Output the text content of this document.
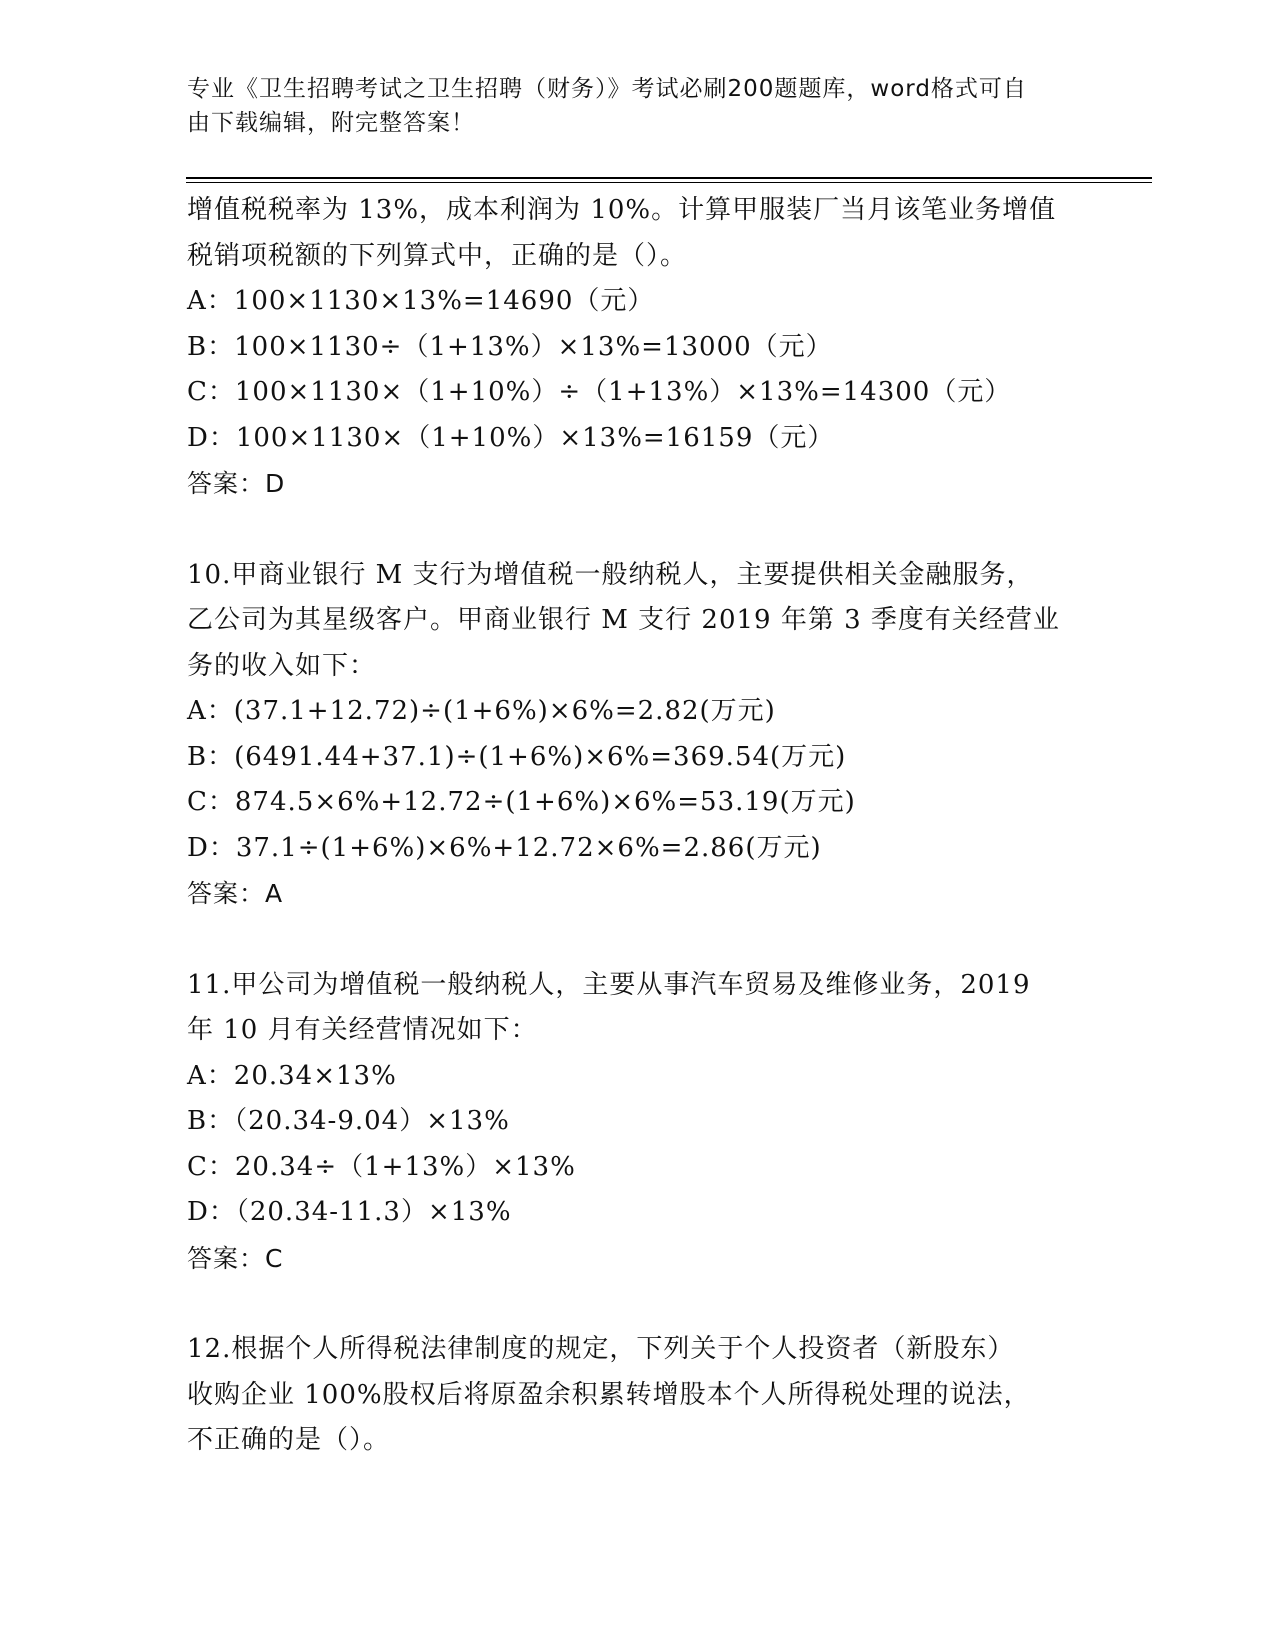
专业《卫生招聘考试之卫生招聘（财务）》考试必刷200题题库，word格式可自
由下载编辑，附完整答案！
增值税税率为 13%，成本利润为 10%。计算甲服装厂当月该笔业务增值
税销项税额的下列算式中，正确的是（）。
A：100×1130×13%=14690（元）
B：100×1130÷（1+13%）×13%=13000（元）
C：100×1130×（1+10%）÷（1+13%）×13%=14300（元）
D：100×1130×（1+10%）×13%=16159（元）
答案：D
10.甲商业银行 M 支行为增值税一般纳税人，主要提供相关金融服务，
乙公司为其星级客户。甲商业银行 M 支行 2019 年第 3 季度有关经营业
务的收入如下：
A：(37.1+12.72)÷(1+6%)×6%=2.82(万元)
B：(6491.44+37.1)÷(1+6%)×6%=369.54(万元)
C：874.5×6%+12.72÷(1+6%)×6%=53.19(万元)
D：37.1÷(1+6%)×6%+12.72×6%=2.86(万元)
答案：A
11.甲公司为增值税一般纳税人，主要从事汽车贸易及维修业务，2019
年 10 月有关经营情况如下：
A：20.34×13%
B：（20.34-9.04）×13%
C：20.34÷（1+13%）×13%
D：（20.34-11.3）×13%
答案：C
12.根据个人所得税法律制度的规定，下列关于个人投资者（新股东）
收购企业 100%股权后将原盈余积累转增股本个人所得税处理的说法，
不正确的是（）。
